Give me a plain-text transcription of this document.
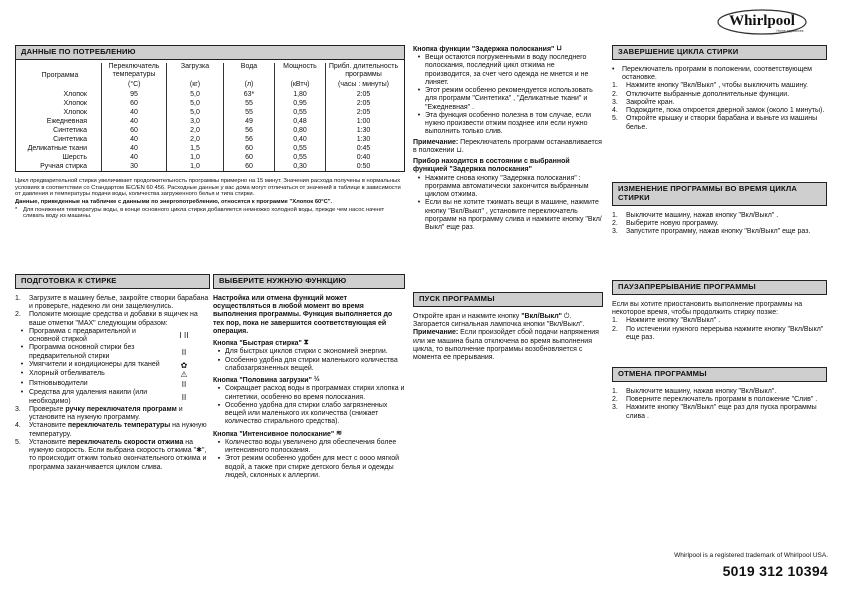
Whirlpool
Home appliances
ДАННЫЕ ПО ПОТРЕБЛЕНИЮ
Программа	Переключатель температуры	Загрузка	Вода	Мощность	Прибл. длительность программы
	(°C)	(кг)	(л)	(кВтч)	(часы : минуты)
Хлопок	95	5,0	63*	1,80	2:05
Хлопок	60	5,0	55	0,95	2:05
Хлопок	40	5,0	55	0,55	2:05
Ежедневная	40	3,0	49	0,48	1:00
Синтетика	60	2,0	56	0,80	1:30
Синтетика	40	2,0	56	0,40	1:30
Деликатные ткани	40	1,5	60	0,55	0:45
Шерсть	40	1,0	60	0,55	0:40
Ручная стирка	30	1,0	60	0,30	0:50

Цикл предварительной стирки увеличивает продолжительность программы примерно на 15 минут. Значения расхода получены в нормальных условиях в соответствии со Стандартом IEC/EN 60 456. Расходные данные у вас дома могут отличаться от значений в таблице в зависимости от давления и температуры подачи воды, количества загруженного белья и типа стирки.

Данные, приведенные на табличке с данными по энергопотреблению, относятся к программе "Хлопок 60°С".

* Для понижения температуры воды, в конце основного цикла стирки добавляется немножко холодной воды, прежде чем насос начнет сливать воду из машины.
ПОДГОТОВКА К СТИРКЕ
1.	Загрузите в машину белье, закройте створки барабана и проверьте, надежно ли они защелкнулись.
2.	Положите моющие средства и добавки в ящичек на ваше отметки "MAX" следующим образом:
• Программа с предварительной и основной стиркой	I II
• Программа основной стирки без предварительной стирки	II
• Умягчители и кондиционеры для тканей	✿
• Хлорный отбеливатель	⚠
• Пятновыводители	II
• Средства для удаления накипи (или необходимо)	II
3.	Проверьте ручку переключателя программ и установите на нужную программу.
4.	Установите переключатель температуры на нужную температуру.
5.	Установите переключатель скорости отжима на нужную скорость. Если выбрана скорость отжима "✱", то происходит отжим только окончательного отжима и программа заканчивается циклом слива.
ВЫБЕРИТЕ НУЖНУЮ ФУНКЦИЮ

Настройка или отмена функций может осуществляться в любой момент во время выполнения программы. Функция выполняется до тех пор, пока не завершится соответствующая ей операция.

Кнопка "Быстрая стирка" ⧗

▪ Для быстрых циклов стирки с экономией энергии.
▪ Особенно удобна для стирки маленького количества слабозагрязненных вещей.

Кнопка "Половина загрузки" ½

▪ Сокращает расход воды в программах стирки хлопка и синтетики, особенно во время полоскания.
▪ Особенно удобна для стирки слабо загрязненных вещей или маленького их количества (снижает количество стирального средства).

Кнопка "Интенсивное полоскание" ≋

▪ Количество воды увеличено для обеспечения более интенсивного полоскания.
▪ Этот режим особенно удобен для мест с оооо мягкой водой, а также при стирке детского белья и одежды людей, склонных к аллергии.

Кнопка функции "Задержка полоскания" ⊔

• Вещи остаются погруженными в воду последнего полоскания, последний цикл отжима не производится, за счет чего одежда не мнется и не линяет.
• Этот режим особенно рекомендуется использовать для программ "Синтетика" , "Деликатные ткани" и "Ежедневная" .
• Эта функция особенно полезна в том случае, если нужно произвести отжим позднее или если нужно выполнить только слив.

Примечание: Переключатель программ останавливается в положении ⊔.

Прибор находится в состоянии с выбранной функцией "Задержка полоскания"

• Нажмите снова кнопку "Задержка полоскания" : программа автоматически закончится выбранным циклом отжима.
• Если вы не хотите тжимать вещи в машине, нажмите кнопку "Вкл/Выкл" , установите переключатель программ на программу слива и нажмите кнопку "Вкл/Выкл" еще раз.
ПУСК ПРОГРАММЫ

Откройте кран и нажмите кнопку "Вкл/Выкл" ⏻. Загорается сигнальная лампочка кнопки "Вкл/Выкл".

Примечание: Если произойдет сбой подачи напряжения или же машина была отключена во время выполнения цикла, то выполнение программы возобновляется с момента ее прерывания.

ЗАВЕРШЕНИЕ ЦИКЛА СТИРКИ
•	Переключатель программ в положении, соответствующем остановке.
1.	Нажмите кнопку "Вкл/Выкл" , чтобы выключить машину.
2.	Отключите выбранные дополнительные функции.
3.	Закройте кран.
4.	Подождите, пока откроется дверной замок (около 1 минуты).
5.	Откройте крышку и створки барабана и выньте из машины белье.
ИЗМЕНЕНИЕ ПРОГРАММЫ ВО ВРЕМЯ ЦИКЛА СТИРКИ
1.	Выключите машину, нажав кнопку "Вкл/Выкл" .
2.	Выберите новую программу.
3.	Запустите программу, нажав кнопку "Вкл/Выкл" еще раз.
ПАУЗАПРЕРЫВАНИЕ ПРОГРАММЫ

Если вы хотите приостановить выполнение программы на некоторое время, чтобы продолжить стирку позже:

1.	Нажмите кнопку "Вкл/Выкл" .
2.	По истечении нужного перерыва нажмите кнопку "Вкл/Выкл" еще раз.
ОТМЕНА ПРОГРАММЫ
1.	Выключите машину, нажав кнопку "Вкл/Выкл".
2.	Поверните переключатель программ в положение "Слив" .
3.	Нажмите кнопку "Вкл/Выкл" еще раз для пуска программы слива .
Whirlpool is a registered trademark of Whirlpool USA.
5019 312 10394
